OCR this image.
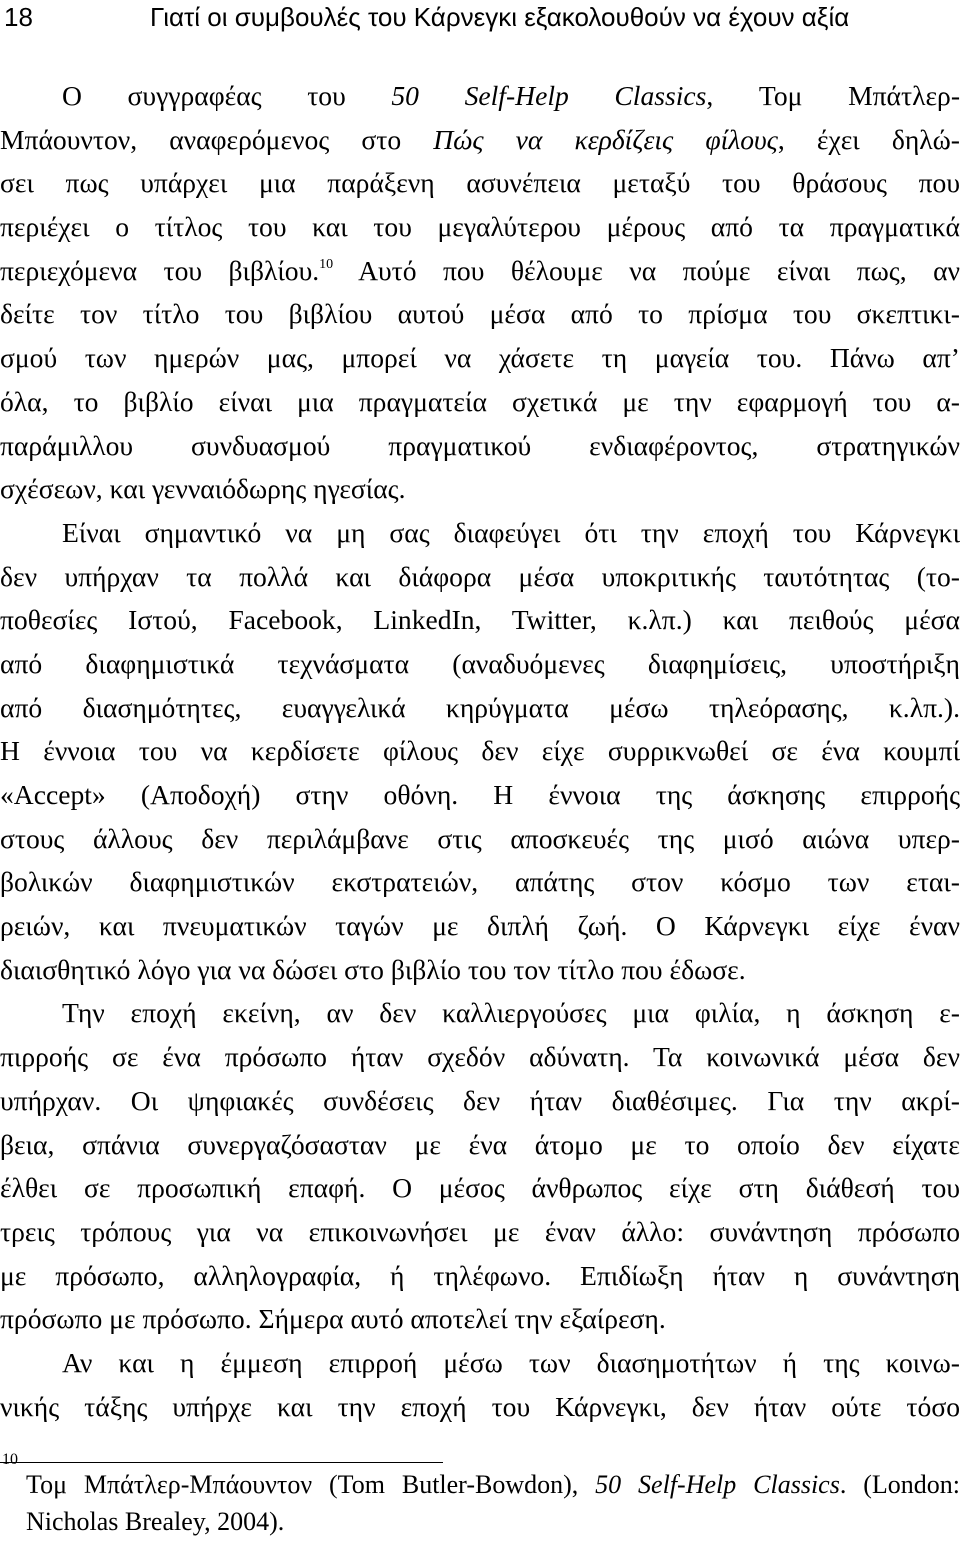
18	Γιατί οι συμβουλές του Κάρνεγκι εξακολουθούν να έχουν αξία
Ο συγγραφέας του 50 Self-Help Classics, Τομ Μπάτλερ-
Μπάουντον, αναφερόμενος στο Πώς να κερδίζεις φίλους, έχει δηλώ-
σει πως υπάρχει μια παράξενη ασυνέπεια μεταξύ του θράσους που
περιέχει ο τίτλος του και του μεγαλύτερου μέρους από τα πραγματικά
περιεχόμενα του βιβλίου.$^{10}$ Αυτό που θέλουμε να πούμε είναι πως, αν
δείτε τον τίτλο του βιβλίου αυτού μέσα από το πρίσμα του σκεπτικι-
σμού των ημερών μας, μπορεί να χάσετε τη μαγεία του. Πάνω απ’
όλα, το βιβλίο είναι μια πραγματεία σχετικά με την εφαρμογή του α-
παράμιλλου συνδυασμού πραγματικού ενδιαφέροντος, στρατηγικών
σχέσεων, και γενναιόδωρης ηγεσίας.
Είναι σημαντικό να μη σας διαφεύγει ότι την εποχή του Κάρνεγκι
δεν υπήρχαν τα πολλά και διάφορα μέσα υποκριτικής ταυτότητας (το-
ποθεσίες Ιστού, Facebook, LinkedIn, Twitter, κ.λπ.) και πειθούς μέσα
από διαφημιστικά τεχνάσματα (αναδυόμενες διαφημίσεις, υποστήριξη
από διασημότητες, ευαγγελικά κηρύγματα μέσω τηλεόρασης, κ.λπ.).
Η έννοια του να κερδίσετε φίλους δεν είχε συρρικνωθεί σε ένα κουμπί
«Accept» (Αποδοχή) στην οθόνη. Η έννοια της άσκησης επιρροής
στους άλλους δεν περιλάμβανε στις αποσκευές της μισό αιώνα υπερ-
βολικών διαφημιστικών εκστρατειών, απάτης στον κόσμο των εται-
ρειών, και πνευματικών ταγών με διπλή ζωή. Ο Κάρνεγκι είχε έναν
διαισθητικό λόγο για να δώσει στο βιβλίο του τον τίτλο που έδωσε.
Την εποχή εκείνη, αν δεν καλλιεργούσες μια φιλία, η άσκηση ε-
πιρροής σε ένα πρόσωπο ήταν σχεδόν αδύνατη. Τα κοινωνικά μέσα δεν
υπήρχαν. Οι ψηφιακές συνδέσεις δεν ήταν διαθέσιμες. Για την ακρί-
βεια, σπάνια συνεργαζόσασταν με ένα άτομο με το οποίο δεν είχατε
έλθει σε προσωπική επαφή. Ο μέσος άνθρωπος είχε στη διάθεσή του
τρεις τρόπους για να επικοινωνήσει με έναν άλλο: συνάντηση πρόσωπο
με πρόσωπο, αλληλογραφία, ή τηλέφωνο. Επιδίωξη ήταν η συνάντηση
πρόσωπο με πρόσωπο. Σήμερα αυτό αποτελεί την εξαίρεση.
Αν και η έμμεση επιρροή μέσω των διασημοτήτων ή της κοινω-
νικής τάξης υπήρχε και την εποχή του Κάρνεγκι, δεν ήταν ούτε τόσο
10
Τομ Μπάτλερ-Μπάουντον (Tom Butler-Bowdon), 50 Self-Help Classics. (London:
Nicholas Brealey, 2004).
